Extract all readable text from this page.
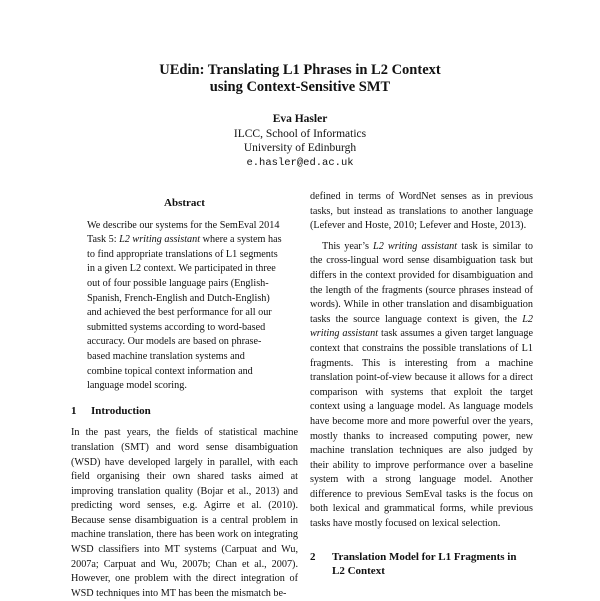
UEdin: Translating L1 Phrases in L2 Context
using Context-Sensitive SMT
Eva Hasler
ILCC, School of Informatics
University of Edinburgh
e.hasler@ed.ac.uk
Abstract

We describe our systems for the SemEval 2014 Task 5: L2 writing assistant where a system has to find appropriate translations of L1 segments in a given L2 context. We participated in three out of four possible language pairs (English-Spanish, French-English and Dutch-English) and achieved the best performance for all our submitted systems according to word-based accuracy. Our models are based on phrase-based machine translation systems and combine topical context information and language model scoring.

1 Introduction

In the past years, the fields of statistical machine translation (SMT) and word sense disambiguation (WSD) have developed largely in parallel, with each field organising their own shared tasks aimed at improving translation quality (Bojar et al., 2013) and predicting word senses, e.g. Agirre et al. (2010). Because sense disambiguation is a central problem in machine translation, there has been work on integrating WSD classifiers into MT systems (Carpuat and Wu, 2007a; Carpuat and Wu, 2007b; Chan et al., 2007). However, one problem with the direct integration of WSD techniques into MT has been the mismatch be-

defined in terms of WordNet senses as in previous tasks, but instead as translations to another language (Lefever and Hoste, 2010; Lefever and Hoste, 2013).

This year’s L2 writing assistant task is similar to the cross-lingual word sense disambiguation task but differs in the context provided for disambiguation and the length of the fragments (source phrases instead of words). While in other translation and disambiguation tasks the source language context is given, the L2 writing assistant task assumes a given target language context that constrains the possible translations of L1 fragments. This is interesting from a machine translation point-of-view because it allows for a direct comparison with systems that exploit the target context using a language model. As language models have become more and more powerful over the years, mostly thanks to increased computing power, new machine translation techniques are also judged by their ability to improve performance over a baseline system with a strong language model. Another difference to previous SemEval tasks is the focus on both lexical and grammatical forms, while previous tasks have mostly focused on lexical selection.

2 Translation Model for L1 Fragments in L2 Context
